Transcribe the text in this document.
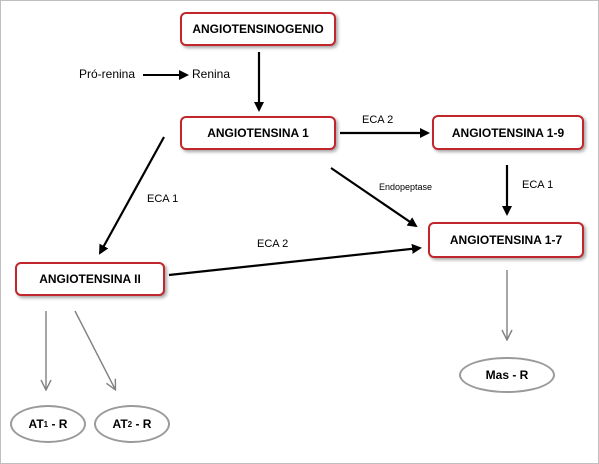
ANGIOTENSINOGENIO
ANGIOTENSINA 1	ANGIOTENSINA 1-9
ANGIOTENSINA 1-7
ANGIOTENSINA II
Mas - R
AT 1 - R	AT 2 - R
Pró-renina	Renina
ECA 2
ECA 1
Endopeptase	ECA 1
ECA 2
